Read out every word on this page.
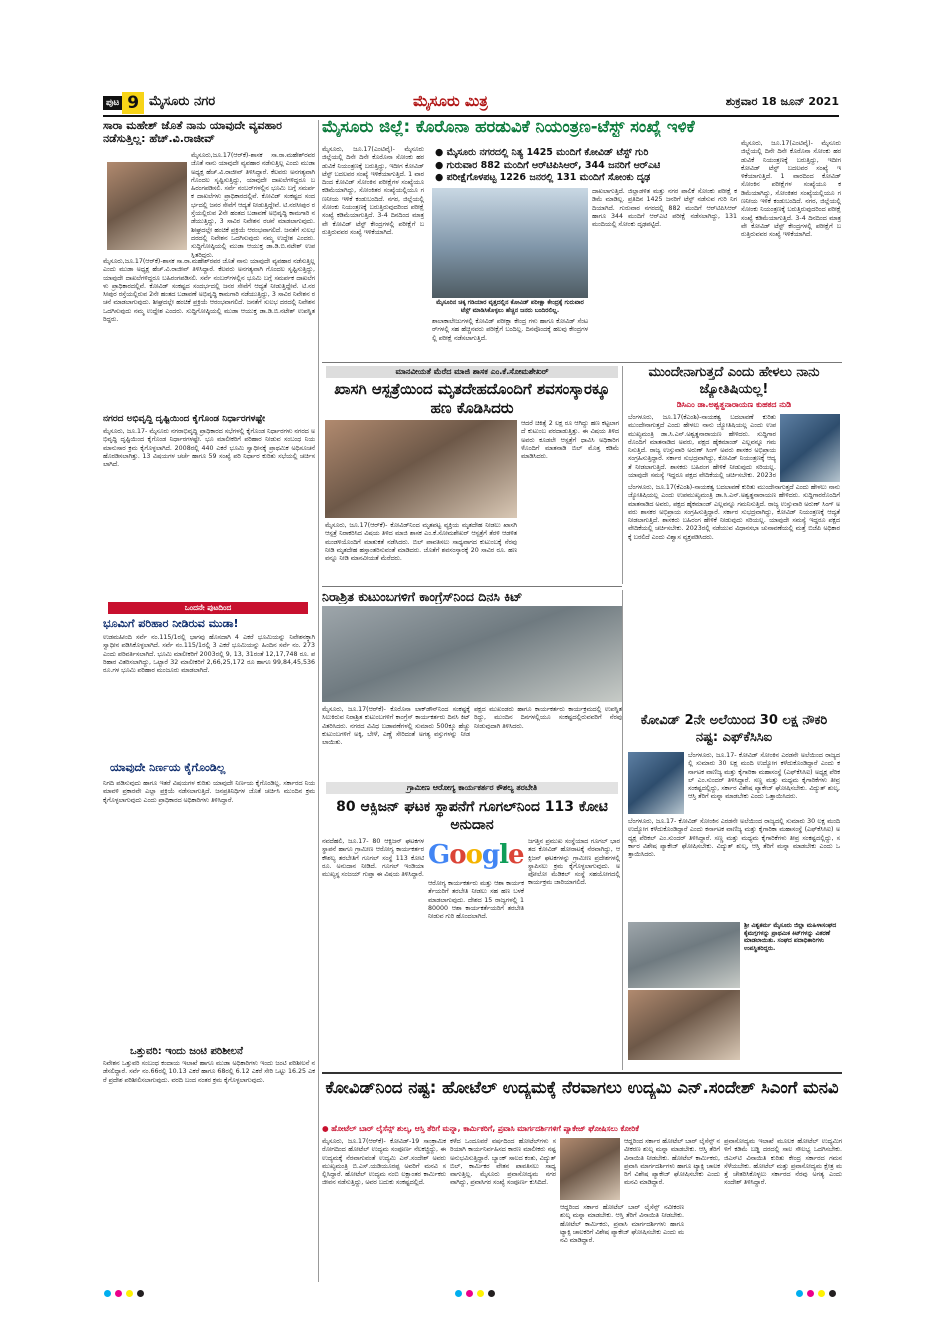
ಪುಟ 9 ಮೈಸೂರು ನಗರ	ಮೈಸೂರು ಮಿತ್ರ	ಶುಕ್ರವಾರ 18 ಜೂನ್ 2021
ಸಾರಾ ಮಹೇಶ್ ಜೊತೆ ನಾನು ಯಾವುದೇ ವ್ಯವಹಾರ ನಡೆಸುತ್ತಿಲ್ಲ: ಹೆಚ್.ವಿ.ರಾಜೀವ್
ಮೈಸೂರು,ಜೂ.17(ಆರ್‌ಕೆ)-ಶಾಸಕ ಸಾ.ರಾ.ಮಹೇಶ್‌ರವರ ಜೊತೆ ನಾನು ಯಾವುದೇ ವ್ಯವಹಾರ ನಡೆಸುತ್ತಿಲ್ಲ ಎಂದು ಮುಡಾ ಅಧ್ಯಕ್ಷ ಹೆಚ್.ವಿ.ರಾಜೀವ್ ತಿಳಿಸಿದ್ದಾರೆ. ಕೆಲವರು ಅನಗತ್ಯವಾಗಿ ಗೊಂದಲ ಸೃಷ್ಟಿಸುತ್ತಿದ್ದು, ಯಾವುದೇ ದಾಖಲೆಗಳಿದ್ದರೂ ಬಹಿರಂಗಪಡಿಸಲಿ. ಸರ್ವೆ ನಂಬರ್‌ಗಳಲ್ಲಿನ ಭೂಮಿ ಬಗ್ಗೆ ಸಮರ್ಪಕ ದಾಖಲೆಗಳು ಪ್ರಾಧಿಕಾರದಲ್ಲಿವೆ. ಕೋವಿಡ್ ಸಂಕಷ್ಟದ ಸಂದರ್ಭದಲ್ಲಿ ಜನರ ಸೇವೆಗೆ ಆದ್ಯತೆ ನೀಡುತ್ತಿದ್ದೇವೆ. ಟಿ.ನರಸೀಪುರ ರಸ್ತೆಯಲ್ಲಿರುವ 2ನೇ ಹಂತದ ಬಡಾವಣೆ ಅಭಿವೃದ್ಧಿ ಕಾಮಗಾರಿ ನಡೆಯುತ್ತಿದ್ದು, 3 ಸಾವಿರ ನಿವೇಶನ ರಚನೆ ಮಾಡಲಾಗುವುದು. ಶೀಘ್ರದಲ್ಲೇ ಹಂಚಿಕೆ ಪ್ರಕ್ರಿಯೆ ಆರಂಭವಾಗಲಿದೆ. ಜನತೆಗೆ ಸುಲಭ ದರದಲ್ಲಿ ನಿವೇಶನ ಒದಗಿಸುವುದು ನಮ್ಮ ಉದ್ದೇಶ ಎಂದರು. ಸುದ್ದಿಗೋಷ್ಠಿಯಲ್ಲಿ ಮುಡಾ ಆಯುಕ್ತ ಡಾ.ಡಿ.ಬಿ.ನಟೇಶ್ ಉಪಸ್ಥಿತರಿದ್ದರು.
ಮೈಸೂರು,ಜೂ.17(ಆರ್‌ಕೆ)-ಶಾಸಕ ಸಾ.ರಾ.ಮಹೇಶ್‌ರವರ ಜೊತೆ ನಾನು ಯಾವುದೇ ವ್ಯವಹಾರ ನಡೆಸುತ್ತಿಲ್ಲ ಎಂದು ಮುಡಾ ಅಧ್ಯಕ್ಷ ಹೆಚ್.ವಿ.ರಾಜೀವ್ ತಿಳಿಸಿದ್ದಾರೆ. ಕೆಲವರು ಅನಗತ್ಯವಾಗಿ ಗೊಂದಲ ಸೃಷ್ಟಿಸುತ್ತಿದ್ದು, ಯಾವುದೇ ದಾಖಲೆಗಳಿದ್ದರೂ ಬಹಿರಂಗಪಡಿಸಲಿ. ಸರ್ವೆ ನಂಬರ್‌ಗಳಲ್ಲಿನ ಭೂಮಿ ಬಗ್ಗೆ ಸಮರ್ಪಕ ದಾಖಲೆಗಳು ಪ್ರಾಧಿಕಾರದಲ್ಲಿವೆ. ಕೋವಿಡ್ ಸಂಕಷ್ಟದ ಸಂದರ್ಭದಲ್ಲಿ ಜನರ ಸೇವೆಗೆ ಆದ್ಯತೆ ನೀಡುತ್ತಿದ್ದೇವೆ. ಟಿ.ನರಸೀಪುರ ರಸ್ತೆಯಲ್ಲಿರುವ 2ನೇ ಹಂತದ ಬಡಾವಣೆ ಅಭಿವೃದ್ಧಿ ಕಾಮಗಾರಿ ನಡೆಯುತ್ತಿದ್ದು, 3 ಸಾವಿರ ನಿವೇಶನ ರಚನೆ ಮಾಡಲಾಗುವುದು. ಶೀಘ್ರದಲ್ಲೇ ಹಂಚಿಕೆ ಪ್ರಕ್ರಿಯೆ ಆರಂಭವಾಗಲಿದೆ. ಜನತೆಗೆ ಸುಲಭ ದರದಲ್ಲಿ ನಿವೇಶನ ಒದಗಿಸುವುದು ನಮ್ಮ ಉದ್ದೇಶ ಎಂದರು. ಸುದ್ದಿಗೋಷ್ಠಿಯಲ್ಲಿ ಮುಡಾ ಆಯುಕ್ತ ಡಾ.ಡಿ.ಬಿ.ನಟೇಶ್ ಉಪಸ್ಥಿತರಿದ್ದರು.
ನಗರದ ಅಭಿವೃದ್ಧಿ ದೃಷ್ಟಿಯಿಂದ ಕೈಗೊಂಡ ನಿರ್ಧಾರಗಳಷ್ಟೇ
ಮೈಸೂರು, ಜೂ.17- ಮೈಸೂರು ನಗರಾಭಿವೃದ್ಧಿ ಪ್ರಾಧಿಕಾರದ ಸಭೆಗಳಲ್ಲಿ ಕೈಗೊಂಡ ನಿರ್ಧಾರಗಳು ನಗರದ ಅಭಿವೃದ್ಧಿ ದೃಷ್ಟಿಯಿಂದ ಕೈಗೊಂಡ ನಿರ್ಧಾರಗಳಷ್ಟೇ. ಭೂ ಮಾಲೀಕರಿಗೆ ಪರಿಹಾರ ನೀಡುವ ಸಂಬಂಧ ನಿಯಮಾನುಸಾರ ಕ್ರಮ ಕೈಗೊಳ್ಳಲಾಗಿದೆ. 2008ರಲ್ಲಿ 440 ಎಕರೆ ಭೂಮಿ ಸ್ವಾಧೀನಕ್ಕೆ ಪ್ರಾಥಮಿಕ ಅಧಿಸೂಚನೆ ಹೊರಡಿಸಲಾಗಿತ್ತು. 13 ವಿಷಯಗಳ ಚರ್ಚೆ ಹಾಗೂ 59 ಸಂಖ್ಯೆ ಪರಿ ನಿರ್ಧಾರ ಕುರಿತು ಸಭೆಯಲ್ಲಿ ಚರ್ಚಿಸಲಾಗಿದೆ.
ಒಂದನೇ ಪುಟದಿಂದ
ಭೂಮಿಗೆ ಪರಿಹಾರ ನೀಡಿರುವ ಮುಡಾ!
ಉಡಮಹೀಂದಿ ಸರ್ವೆ ನಂ.115/1ರಲ್ಲಿ ಭಾಗವು ಹೊಸದಾಗಿ 4 ಎಕರೆ ಭೂಮಿಯನ್ನು ನಿವೇಶನಕ್ಕಾಗಿ ಸ್ವಾಧೀನ ಪಡಿಸಿಕೊಳ್ಳಲಾಗಿದೆ. ಸರ್ವೆ ನಂ.115/1ರಲ್ಲಿ 3 ಎಕರೆ ಭೂಮಿಯನ್ನು ಹಿಂದಿನ ಸರ್ವೆ ನಂ. 273 ಎಂದು ಪರಿವರ್ತಿಸಲಾಗಿದೆ. ಭೂಮಿ ಮಾಲೀಕರಿಗೆ 2003ರಲ್ಲಿ 9, 13, 31ರಂತೆ 12,17,748 ರೂ. ಪರಿಹಾರ ವಿತರಿಸಲಾಗಿದ್ದು, ಒಟ್ಟಾರೆ 32 ಮಾಲೀಕರಿಗೆ 2,66,25,172 ರೂ ಹಾಗೂ 99,84,45,536 ರೂ.ಗಳ ಭೂಮಿ ಪರಿಹಾರ ಮಂಜೂರು ಮಾಡಲಾಗಿದೆ.
ಯಾವುದೇ ನಿರ್ಣಯ ಕೈಗೊಂಡಿಲ್ಲ
ನಿಗದಿ ಪಡಿಸುವುದು ಹಾಗೂ ಇತರೆ ವಿಷಯಗಳ ಕುರಿತು ಯಾವುದೇ ನಿರ್ಣಯ ಕೈಗೊಂಡಿಲ್ಲ. ಸರ್ಕಾರದ ನಿಯಮಾವಳಿ ಪ್ರಕಾರವೇ ಎಲ್ಲಾ ಪ್ರಕ್ರಿಯೆ ನಡೆಸಲಾಗುತ್ತಿದೆ. ಜನಪ್ರತಿನಿಧಿಗಳ ಜೊತೆ ಚರ್ಚಿಸಿ ಮುಂದಿನ ಕ್ರಮ ಕೈಗೊಳ್ಳಲಾಗುವುದು ಎಂದು ಪ್ರಾಧಿಕಾರದ ಅಧಿಕಾರಿಗಳು ತಿಳಿಸಿದ್ದಾರೆ.
ಒತ್ತುವರಿ: ಇಂದು ಜಂಟಿ ಪರಿಶೀಲನೆ
ನಿವೇಶನ ಒತ್ತುವರಿ ಸಂಬಂಧ ಕಂದಾಯ ಇಲಾಖೆ ಹಾಗೂ ಮುಡಾ ಅಧಿಕಾರಿಗಳು ಇಂದು ಜಂಟಿ ಪರಿಶೀಲನೆ ನಡೆಸಲಿದ್ದಾರೆ. ಸರ್ವೆ ನಂ.66ರಲ್ಲಿ 10.13 ಎಕರೆ ಹಾಗೂ 68ರಲ್ಲಿ 6.12 ಎಕರೆ ಸೇರಿ ಒಟ್ಟು 16.25 ಎಕರೆ ಪ್ರದೇಶ ಪರಿಶೀಲಿಸಲಾಗುವುದು. ವರದಿ ಬಂದ ನಂತರ ಕ್ರಮ ಕೈಗೊಳ್ಳಲಾಗುವುದು.
ಮೈಸೂರು ಜಿಲ್ಲೆ: ಕೊರೊನಾ ಹರಡುವಿಕೆ ನಿಯಂತ್ರಣ-ಟೆಸ್ಟ್ ಸಂಖ್ಯೆ ಇಳಿಕೆ
ಮೈಸೂರು, ಜೂ.17(ಎಂಟಿವೈ)- ಮೈಸೂರು ಜಿಲ್ಲೆಯಲ್ಲಿ ದಿನೇ ದಿನೇ ಕೊರೊನಾ ಸೋಂಕು ಹರಡುವಿಕೆ ನಿಯಂತ್ರಣಕ್ಕೆ ಬರುತ್ತಿದ್ದು, ಇದೀಗ ಕೋವಿಡ್ ಟೆಸ್ಟ್ ಬದಲವರ ಸಂಖ್ಯೆ ಇಳಿಕೆಯಾಗುತ್ತಿದೆ. 1 ವಾರದಿಂದ ಕೋವಿಡ್ ಸೋಂಕಿನ ಪರೀಕ್ಷೆಗಳ ಸಂಖ್ಯೆಯೂ ಕಡಿಮೆಯಾಗಿದ್ದು, ಸೋಂಕಿತರ ಸಂಖ್ಯೆಯಲ್ಲಿಯೂ ಗಣನೀಯ ಇಳಿಕೆ ಕಂಡುಬಂದಿದೆ. ನಗರ, ಜಿಲ್ಲೆಯಲ್ಲಿ ಸೋಂಕು ನಿಯಂತ್ರಣಕ್ಕೆ ಬರುತ್ತಿರುವುದರಿಂದ ಪರೀಕ್ಷೆ ಸಂಖ್ಯೆ ಕಡಿಮೆಯಾಗುತ್ತಿದೆ. 3-4 ದಿನದಿಂದ ಮಾತ್ರವೇ ಕೋವಿಡ್ ಟೆಸ್ಟ್ ಕೇಂದ್ರಗಳಲ್ಲಿ ಪರೀಕ್ಷೆಗೆ ಬರುತ್ತಿರುವವರ ಸಂಖ್ಯೆ ಇಳಿಕೆಯಾಗಿದೆ.
● ಮೈಸೂರು ನಗರದಲ್ಲಿ ನಿತ್ಯ 1425 ಮಂದಿಗೆ ಕೋವಿಡ್ ಟೆಸ್ಟ್ ಗುರಿ
● ಗುರುವಾರ 882 ಮಂದಿಗೆ ಆರ್‌ಟಿಪಿಸಿಆರ್, 344 ಜನರಿಗೆ ಆರ್‌ಎಟಿ
● ಪರೀಕ್ಷೆಗೊಳಪಟ್ಟ 1226 ಜನರಲ್ಲಿ 131 ಮಂದಿಗೆ ಸೋಂಕು ದೃಢ
ಮೈಸೂರಿನ ಚಿಕ್ಕ ಗಡಿಯಾರ ವೃತ್ತದಲ್ಲಿನ ಕೋವಿಡ್ ಪರೀಕ್ಷಾ ಕೇಂದ್ರಕ್ಕೆ ಗುರುವಾರ ಟೆಸ್ಟ್ ಮಾಡಿಸಿಕೊಳ್ಳಲು ಹೆಚ್ಚಿನ ಜನರು ಬಂದಿರಲಿಲ್ಲ.
ಶಾಲಾಕಾಲೇಜುಗಳಲ್ಲಿ ಕೋವಿಡ್ ಪರೀಕ್ಷಾ ಕೇಂದ್ರ ಗಳು ಹಾಗೂ ಕೋವಿಡ್ ಸೆಂಟರ್‌ಗಳಲ್ಲಿ ಸಹ ಹೆಚ್ಚಿನವರು ಪರೀಕ್ಷೆಗೆ ಬಂದಿಲ್ಲ. ದಿನವೊಂದಕ್ಕೆ ಹಲವು ಕೇಂದ್ರಗಳಲ್ಲಿ ಪರೀಕ್ಷೆ ನಡೆಸಲಾಗುತ್ತಿದೆ.
ದಾಖಲಾಗುತ್ತಿದೆ. ಜಿಲ್ಲಾಡಳಿತ ಮತ್ತು ನಗರ ಪಾಲಿಕೆ ಸೋಂಕು ಪರೀಕ್ಷೆ ಕಡಿಮೆ ಮಾಡಿಲ್ಲ. ಪ್ರತಿದಿನ 1425 ಜನರಿಗೆ ಟೆಸ್ಟ್ ನಡೆಸುವ ಗುರಿ ನಿಗದಿಯಾಗಿದೆ. ಗುರುವಾರ ನಗರದಲ್ಲಿ 882 ಮಂದಿಗೆ ಆರ್‌ಟಿಪಿಸಿಆರ್ ಹಾಗೂ 344 ಮಂದಿಗೆ ಆರ್‌ಎಟಿ ಪರೀಕ್ಷೆ ನಡೆಸಲಾಗಿದ್ದು, 131 ಮಂದಿಯಲ್ಲಿ ಸೋಂಕು ದೃಢಪಟ್ಟಿದೆ.
ಮೈಸೂರು, ಜೂ.17(ಎಂಟಿವೈ)- ಮೈಸೂರು ಜಿಲ್ಲೆಯಲ್ಲಿ ದಿನೇ ದಿನೇ ಕೊರೊನಾ ಸೋಂಕು ಹರಡುವಿಕೆ ನಿಯಂತ್ರಣಕ್ಕೆ ಬರುತ್ತಿದ್ದು, ಇದೀಗ ಕೋವಿಡ್ ಟೆಸ್ಟ್ ಬದಲವರ ಸಂಖ್ಯೆ ಇಳಿಕೆಯಾಗುತ್ತಿದೆ. 1 ವಾರದಿಂದ ಕೋವಿಡ್ ಸೋಂಕಿನ ಪರೀಕ್ಷೆಗಳ ಸಂಖ್ಯೆಯೂ ಕಡಿಮೆಯಾಗಿದ್ದು, ಸೋಂಕಿತರ ಸಂಖ್ಯೆಯಲ್ಲಿಯೂ ಗಣನೀಯ ಇಳಿಕೆ ಕಂಡುಬಂದಿದೆ. ನಗರ, ಜಿಲ್ಲೆಯಲ್ಲಿ ಸೋಂಕು ನಿಯಂತ್ರಣಕ್ಕೆ ಬರುತ್ತಿರುವುದರಿಂದ ಪರೀಕ್ಷೆ ಸಂಖ್ಯೆ ಕಡಿಮೆಯಾಗುತ್ತಿದೆ. 3-4 ದಿನದಿಂದ ಮಾತ್ರವೇ ಕೋವಿಡ್ ಟೆಸ್ಟ್ ಕೇಂದ್ರಗಳಲ್ಲಿ ಪರೀಕ್ಷೆಗೆ ಬರುತ್ತಿರುವವರ ಸಂಖ್ಯೆ ಇಳಿಕೆಯಾಗಿದೆ.
ಮಾನವೀಯತೆ ಮೆರೆದ ಮಾಜಿ ಶಾಸಕ ಎಂ.ಕೆ.ಸೋಮಶೇಖರ್
ಖಾಸಗಿ ಆಸ್ಪತ್ರೆಯಿಂದ ಮೃತದೇಹದೊಂದಿಗೆ ಶವಸಂಸ್ಕಾರಕ್ಕೂ ಹಣ ಕೊಡಿಸಿದರು
ಆದರೆ ಚಿಕಿತ್ಸೆ 2 ಲಕ್ಷ ರೂ ಆಗಿದ್ದು ಹಣ ಕಟ್ಟಲಾಗದೆ ಕುಟುಂಬ ಪರದಾಡುತ್ತಿತ್ತು. ಈ ವಿಷಯ ತಿಳಿದ ಅವರು ಕೂಡಲೇ ಆಸ್ಪತ್ರೆಗೆ ಧಾವಿಸಿ ಅಧಿಕಾರಿಗಳೊಂದಿಗೆ ಮಾತನಾಡಿ ಬಿಲ್ ಮೊತ್ತ ಕಡಿಮೆ ಮಾಡಿಸಿದರು.
ಮೈಸೂರು, ಜೂ.17(ಆರ್‌ಕೆ)- ಕೋವಿಡ್‌ನಿಂದ ಮೃತಪಟ್ಟ ವ್ಯಕ್ತಿಯ ಮೃತದೇಹ ನೀಡಲು ಖಾಸಗಿ ಆಸ್ಪತ್ರೆ ನಿರಾಕರಿಸಿದ ವಿಷಯ ತಿಳಿದ ಮಾಜಿ ಶಾಸಕ ಎಂ.ಕೆ.ಸೋಮಶೇಖರ್ ಆಸ್ಪತ್ರೆಗೆ ತೆರಳಿ ಆಡಳಿತ ಮಂಡಳಿಯೊಂದಿಗೆ ಮಾತುಕತೆ ನಡೆಸಿದರು. ಬಿಲ್ ಪಾವತಿಸಲು ಸಾಧ್ಯವಾಗದ ಕುಟುಂಬಕ್ಕೆ ನೆರವು ನೀಡಿ ಮೃತದೇಹ ಹಸ್ತಾಂತರಿಸುವಂತೆ ಮಾಡಿದರು. ಜೊತೆಗೆ ಶವಸಂಸ್ಕಾರಕ್ಕೆ 20 ಸಾವಿರ ರೂ. ಹಣವನ್ನೂ ನೀಡಿ ಮಾನವೀಯತೆ ಮೆರೆದರು.
ಮುಂದೇನಾಗುತ್ತದೆ ಎಂದು ಹೇಳಲು ನಾನು ಜ್ಯೋತಿಷಿಯಲ್ಲ!
ಡಿಸಿಎಂ ಡಾ.ಅಶ್ವತ್ಥನಾರಾಯಣ ಕುಹಕದ ನುಡಿ
ಬೆಂಗಳೂರು, ಜೂ.17(ಕೆಎಂಶಿ)-ನಾಯಕತ್ವ ಬದಲಾವಣೆ ಕುರಿತು ಮುಂದೇನಾಗುತ್ತದೆ ಎಂದು ಹೇಳಲು ನಾನು ಜ್ಯೋತಿಷಿಯಲ್ಲ ಎಂದು ಉಪಮುಖ್ಯಮಂತ್ರಿ ಡಾ.ಸಿ.ಎನ್.ಅಶ್ವತ್ಥನಾರಾಯಣ ಹೇಳಿದರು. ಸುದ್ದಿಗಾರರೊಂದಿಗೆ ಮಾತನಾಡಿದ ಅವರು, ಪಕ್ಷದ ಹೈಕಮಾಂಡ್ ಎಲ್ಲವನ್ನೂ ಗಮನಿಸುತ್ತಿದೆ. ರಾಜ್ಯ ಉಸ್ತುವಾರಿ ಅರುಣ್ ಸಿಂಗ್ ಅವರು ಶಾಸಕರ ಅಭಿಪ್ರಾಯ ಸಂಗ್ರಹಿಸುತ್ತಿದ್ದಾರೆ. ಸರ್ಕಾರ ಸುಭದ್ರವಾಗಿದ್ದು, ಕೋವಿಡ್ ನಿಯಂತ್ರಣಕ್ಕೆ ಆದ್ಯತೆ ನೀಡಲಾಗುತ್ತಿದೆ. ಶಾಸಕರು ಬಹಿರಂಗ ಹೇಳಿಕೆ ನೀಡುವುದು ಸರಿಯಲ್ಲ. ಯಾವುದೇ ಸಮಸ್ಯೆ ಇದ್ದರೂ ಪಕ್ಷದ ವೇದಿಕೆಯಲ್ಲಿ ಚರ್ಚಿಸಬೇಕು. 2023ರ
ಬೆಂಗಳೂರು, ಜೂ.17(ಕೆಎಂಶಿ)-ನಾಯಕತ್ವ ಬದಲಾವಣೆ ಕುರಿತು ಮುಂದೇನಾಗುತ್ತದೆ ಎಂದು ಹೇಳಲು ನಾನು ಜ್ಯೋತಿಷಿಯಲ್ಲ ಎಂದು ಉಪಮುಖ್ಯಮಂತ್ರಿ ಡಾ.ಸಿ.ಎನ್.ಅಶ್ವತ್ಥನಾರಾಯಣ ಹೇಳಿದರು. ಸುದ್ದಿಗಾರರೊಂದಿಗೆ ಮಾತನಾಡಿದ ಅವರು, ಪಕ್ಷದ ಹೈಕಮಾಂಡ್ ಎಲ್ಲವನ್ನೂ ಗಮನಿಸುತ್ತಿದೆ. ರಾಜ್ಯ ಉಸ್ತುವಾರಿ ಅರುಣ್ ಸಿಂಗ್ ಅವರು ಶಾಸಕರ ಅಭಿಪ್ರಾಯ ಸಂಗ್ರಹಿಸುತ್ತಿದ್ದಾರೆ. ಸರ್ಕಾರ ಸುಭದ್ರವಾಗಿದ್ದು, ಕೋವಿಡ್ ನಿಯಂತ್ರಣಕ್ಕೆ ಆದ್ಯತೆ ನೀಡಲಾಗುತ್ತಿದೆ. ಶಾಸಕರು ಬಹಿರಂಗ ಹೇಳಿಕೆ ನೀಡುವುದು ಸರಿಯಲ್ಲ. ಯಾವುದೇ ಸಮಸ್ಯೆ ಇದ್ದರೂ ಪಕ್ಷದ ವೇದಿಕೆಯಲ್ಲಿ ಚರ್ಚಿಸಬೇಕು. 2023ರಲ್ಲಿ ನಡೆಯುವ ವಿಧಾನಸಭಾ ಚುನಾವಣೆಯಲ್ಲಿ ಮತ್ತೆ ಬಿಜೆಪಿ ಅಧಿಕಾರಕ್ಕೆ ಬರಲಿದೆ ಎಂದು ವಿಶ್ವಾಸ ವ್ಯಕ್ತಪಡಿಸಿದರು.
ನಿರಾಶ್ರಿತ ಕುಟುಂಬಗಳಿಗೆ ಕಾಂಗ್ರೆಸ್‌ನಿಂದ ದಿನಸಿ ಕಿಟ್
ಮೈಸೂರು, ಜೂ.17(ಆರ್‌ಕೆ)- ಕೊರೊನಾ ಲಾಕ್‌ಡೌನ್‌ನಿಂದ ಸಂಕಷ್ಟಕ್ಕೆ ಸಿಲುಕಿರುವ ನಿರಾಶ್ರಿತ ಕುಟುಂಬಗಳಿಗೆ ಕಾಂಗ್ರೆಸ್ ಕಾರ್ಯಕರ್ತರು ದಿನಸಿ ಕಿಟ್ ವಿತರಿಸಿದರು. ನಗರದ ವಿವಿಧ ಬಡಾವಣೆಗಳಲ್ಲಿ ಸುಮಾರು 500ಕ್ಕೂ ಹೆಚ್ಚು ಕುಟುಂಬಗಳಿಗೆ ಅಕ್ಕಿ, ಬೇಳೆ, ಎಣ್ಣೆ ಸೇರಿದಂತೆ ಅಗತ್ಯ ವಸ್ತುಗಳನ್ನು ನೀಡಲಾಯಿತು.
ಪಕ್ಷದ ಮುಖಂಡರು ಹಾಗೂ ಕಾರ್ಯಕರ್ತರು ಕಾರ್ಯಕ್ರಮದಲ್ಲಿ ಉಪಸ್ಥಿತರಿದ್ದು, ಮುಂದಿನ ದಿನಗಳಲ್ಲಿಯೂ ಸಂಕಷ್ಟದಲ್ಲಿರುವವರಿಗೆ ನೆರವು ನೀಡುವುದಾಗಿ ತಿಳಿಸಿದರು.	ಕೋವಿಡ್ 2ನೇ ಅಲೆಯಿಂದ 30 ಲಕ್ಷ ನೌಕರಿ ನಷ್ಟ: ಎಫ್‌ಕೆಸಿಸಿಐ
ಬೆಂಗಳೂರು, ಜೂ.17- ಕೋವಿಡ್ ಸೋಂಕಿನ ಎರಡನೇ ಅಲೆಯಿಂದ ರಾಜ್ಯದಲ್ಲಿ ಸುಮಾರು 30 ಲಕ್ಷ ಮಂದಿ ಉದ್ಯೋಗ ಕಳೆದುಕೊಂಡಿದ್ದಾರೆ ಎಂದು ಕರ್ನಾಟಕ ವಾಣಿಜ್ಯ ಮತ್ತು ಕೈಗಾರಿಕಾ ಮಹಾಸಂಸ್ಥೆ (ಎಫ್‌ಕೆಸಿಸಿಐ) ಅಧ್ಯಕ್ಷ ಪೆರಿಕಲ್ ಎಂ.ಸುಂದರ್ ತಿಳಿಸಿದ್ದಾರೆ. ಸಣ್ಣ ಮತ್ತು ಮಧ್ಯಮ ಕೈಗಾರಿಕೆಗಳು ತೀವ್ರ ಸಂಕಷ್ಟದಲ್ಲಿದ್ದು, ಸರ್ಕಾರ ವಿಶೇಷ ಪ್ಯಾಕೇಜ್ ಘೋಷಿಸಬೇಕು. ವಿದ್ಯುತ್ ಶುಲ್ಕ, ಆಸ್ತಿ ತೆರಿಗೆ ಮನ್ನಾ ಮಾಡಬೇಕು ಎಂದು ಒತ್ತಾಯಿಸಿದರು.
ಬೆಂಗಳೂರು, ಜೂ.17- ಕೋವಿಡ್ ಸೋಂಕಿನ ಎರಡನೇ ಅಲೆಯಿಂದ ರಾಜ್ಯದಲ್ಲಿ ಸುಮಾರು 30 ಲಕ್ಷ ಮಂದಿ ಉದ್ಯೋಗ ಕಳೆದುಕೊಂಡಿದ್ದಾರೆ ಎಂದು ಕರ್ನಾಟಕ ವಾಣಿಜ್ಯ ಮತ್ತು ಕೈಗಾರಿಕಾ ಮಹಾಸಂಸ್ಥೆ (ಎಫ್‌ಕೆಸಿಸಿಐ) ಅಧ್ಯಕ್ಷ ಪೆರಿಕಲ್ ಎಂ.ಸುಂದರ್ ತಿಳಿಸಿದ್ದಾರೆ. ಸಣ್ಣ ಮತ್ತು ಮಧ್ಯಮ ಕೈಗಾರಿಕೆಗಳು ತೀವ್ರ ಸಂಕಷ್ಟದಲ್ಲಿದ್ದು, ಸರ್ಕಾರ ವಿಶೇಷ ಪ್ಯಾಕೇಜ್ ಘೋಷಿಸಬೇಕು. ವಿದ್ಯುತ್ ಶುಲ್ಕ, ಆಸ್ತಿ ತೆರಿಗೆ ಮನ್ನಾ ಮಾಡಬೇಕು ಎಂದು ಒತ್ತಾಯಿಸಿದರು.
ಶ್ರೀ ವಿಶ್ವಕರ್ಮ ಮೈಸೂರು ಜಿಲ್ಲಾ ಮಹಿಳಾಸಂಘದ ಕೈಮಗ್ಗಗಳನ್ನು ಪ್ರಾಥಮಿಕ ಕಿಟ್‌ಗಳನ್ನು ವಿತರಣೆ ಮಾಡಲಾಯಿತು. ಸಂಘದ ಪದಾಧಿಕಾರಿಗಳು ಉಪಸ್ಥಿತರಿದ್ದರು.
ಗ್ರಾಮೀಣ ಆರೋಗ್ಯ ಕಾರ್ಯಕರ್ತರ ಕೌಶಲ್ಯ ತರಬೇತಿ
80 ಆಕ್ಸಿಜನ್ ಘಟಕ ಸ್ಥಾಪನೆಗೆ ಗೂಗಲ್‌ನಿಂದ 113 ಕೋಟಿ ಅನುದಾನ
ನವದೆಹಲಿ, ಜೂ.17- 80 ಆಕ್ಸಿಜನ್ ಘಟಕಗಳ ಸ್ಥಾಪನೆ ಹಾಗೂ ಗ್ರಾಮೀಣ ಆರೋಗ್ಯ ಕಾರ್ಯಕರ್ತರ ಕೌಶಲ್ಯ ತರಬೇತಿಗೆ ಗೂಗಲ್ ಸಂಸ್ಥೆ 113 ಕೋಟಿ ರೂ. ಅನುದಾನ ನೀಡಿದೆ. ಗೂಗಲ್ ಇಂಡಿಯಾ ಮುಖ್ಯಸ್ಥ ಸಂಜಯ್ ಗುಪ್ತಾ ಈ ವಿಷಯ ತಿಳಿಸಿದ್ದಾರೆ.
Google
ಆರೋಗ್ಯ ಕಾರ್ಯಕರ್ತರು ಮತ್ತು ಆಶಾ ಕಾರ್ಯಕರ್ತೆಯರಿಗೆ ತರಬೇತಿ ನೀಡಲು ಸಹ ಹಣ ಬಳಕೆ ಮಾಡಲಾಗುವುದು. ದೇಶದ 15 ರಾಜ್ಯಗಳಲ್ಲಿ 180000 ಆಶಾ ಕಾರ್ಯಕರ್ತೆಯರಿಗೆ ತರಬೇತಿ ನೀಡುವ ಗುರಿ ಹೊಂದಲಾಗಿದೆ.
ಜಗತ್ತಿನ ಪ್ರಮುಖ ಸಂಸ್ಥೆಯಾದ ಗೂಗಲ್ ಭಾರತದ ಕೋವಿಡ್ ಹೋರಾಟಕ್ಕೆ ನೆರವಾಗಿದ್ದು, ಆಕ್ಸಿಜನ್ ಘಟಕಗಳನ್ನು ಗ್ರಾಮೀಣ ಪ್ರದೇಶಗಳಲ್ಲಿ ಸ್ಥಾಪಿಸಲು ಕ್ರಮ ಕೈಗೊಳ್ಳಲಾಗುವುದು. ಅಪೋಲೋ ಮೆಡಿಕಲ್ ಸಂಸ್ಥೆ ಸಹಯೋಗದಲ್ಲಿ ಕಾರ್ಯಕ್ರಮ ಜಾರಿಯಾಗಲಿದೆ.
ಕೋವಿಡ್‌ನಿಂದ ನಷ್ಟ: ಹೋಟೆಲ್ ಉದ್ಯಮಕ್ಕೆ ನೆರವಾಗಲು ಉದ್ಯಮಿ ಎನ್.ಸಂದೇಶ್ ಸಿಎಂಗೆ ಮನವಿ
● ಹೋಟೆಲ್ ಬಾರ್ ಲೈಸೆನ್ಸ್ ಶುಲ್ಕ, ಆಸ್ತಿ ತೆರಿಗೆ ಮನ್ನಾ, ಕಾರ್ಮಿಕರಿಗೆ, ಪ್ರವಾಸಿ ಮಾರ್ಗದರ್ಶಿಗಳಿಗೆ ಪ್ಯಾಕೇಜ್ ಘೋಷಿಸಲು ಕೋರಿಕೆ
ಮೈಸೂರು, ಜೂ.17(ಆರ್‌ಕೆ)- ಕೋವಿಡ್-19 ಸಾಂಕ್ರಾಮಿಕ ರೋಗದಿಂದ ಹೋಟೆಲ್ ಉದ್ಯಮ ಸಂಪೂರ್ಣ ನೆಲಕಚ್ಚಿದ್ದು, ಈ ಉದ್ಯಮಕ್ಕೆ ನೆರವಾಗುವಂತೆ ಉದ್ಯಮಿ ಎನ್.ಸಂದೇಶ್ ಅವರು ಮುಖ್ಯಮಂತ್ರಿ ಬಿ.ಎಸ್.ಯಡಿಯೂರಪ್ಪ ಅವರಿಗೆ ಮನವಿ ಸಲ್ಲಿಸಿದ್ದಾರೆ. ಹೋಟೆಲ್ ಉದ್ಯಮ ನಂಬಿ ಲಕ್ಷಾಂತರ ಕಾರ್ಮಿಕರು ಜೀವನ ನಡೆಸುತ್ತಿದ್ದು, ಅವರ ಬದುಕು ಸಂಕಷ್ಟದಲ್ಲಿದೆ.
ಕಳೆದ ಒಂದೂವರೆ ವರ್ಷದಿಂದ ಹೋಟೆಲ್‌ಗಳು ಸರಿಯಾಗಿ ಕಾರ್ಯನಿರ್ವಹಿಸದ ಕಾರಣ ಮಾಲೀಕರು ನಷ್ಟ ಅನುಭವಿಸುತ್ತಿದ್ದಾರೆ. ಬ್ಯಾಂಕ್ ಸಾಲದ ಕಂತು, ವಿದ್ಯುತ್ ಬಿಲ್, ಕಾರ್ಮಿಕರ ವೇತನ ಪಾವತಿಸಲು ಸಾಧ್ಯವಾಗುತ್ತಿಲ್ಲ. ಮೈಸೂರು ಪ್ರವಾಸೋದ್ಯಮ ನಗರವಾಗಿದ್ದು, ಪ್ರವಾಸಿಗರ ಸಂಖ್ಯೆ ಸಂಪೂರ್ಣ ಕುಸಿದಿದೆ.
ಆದ್ದರಿಂದ ಸರ್ಕಾರ ಹೋಟೆಲ್ ಬಾರ್ ಲೈಸೆನ್ಸ್ ನವೀಕರಣ ಶುಲ್ಕ ಮನ್ನಾ ಮಾಡಬೇಕು. ಆಸ್ತಿ ತೆರಿಗೆ ವಿನಾಯಿತಿ ನೀಡಬೇಕು. ಹೋಟೆಲ್ ಕಾರ್ಮಿಕರು, ಪ್ರವಾಸಿ ಮಾರ್ಗದರ್ಶಿಗಳು ಹಾಗೂ ಟ್ಯಾಕ್ಸಿ ಚಾಲಕರಿಗೆ ವಿಶೇಷ ಪ್ಯಾಕೇಜ್ ಘೋಷಿಸಬೇಕು ಎಂದು ಮನವಿ ಮಾಡಿದ್ದಾರೆ.
ಆದ್ದರಿಂದ ಸರ್ಕಾರ ಹೋಟೆಲ್ ಬಾರ್ ಲೈಸೆನ್ಸ್ ನವೀಕರಣ ಶುಲ್ಕ ಮನ್ನಾ ಮಾಡಬೇಕು. ಆಸ್ತಿ ತೆರಿಗೆ ವಿನಾಯಿತಿ ನೀಡಬೇಕು. ಹೋಟೆಲ್ ಕಾರ್ಮಿಕರು, ಪ್ರವಾಸಿ ಮಾರ್ಗದರ್ಶಿಗಳು ಹಾಗೂ ಟ್ಯಾಕ್ಸಿ ಚಾಲಕರಿಗೆ ವಿಶೇಷ ಪ್ಯಾಕೇಜ್ ಘೋಷಿಸಬೇಕು ಎಂದು ಮನವಿ ಮಾಡಿದ್ದಾರೆ.
ಪ್ರವಾಸೋದ್ಯಮ ಇಲಾಖೆ ಮೂಲಕ ಹೋಟೆಲ್ ಉದ್ಯಮಿಗಳಿಗೆ ಕಡಿಮೆ ಬಡ್ಡಿ ದರದಲ್ಲಿ ಸಾಲ ಸೌಲಭ್ಯ ಒದಗಿಸಬೇಕು. ಜಿಎಸ್‌ಟಿ ವಿನಾಯಿತಿ ಕುರಿತು ಕೇಂದ್ರ ಸರ್ಕಾರದ ಗಮನ ಸೆಳೆಯಬೇಕು. ಹೋಟೆಲ್ ಮತ್ತು ಪ್ರವಾಸೋದ್ಯಮ ಕ್ಷೇತ್ರ ಮತ್ತೆ ಚೇತರಿಸಿಕೊಳ್ಳಲು ಸರ್ಕಾರದ ನೆರವು ಅಗತ್ಯ ಎಂದು ಸಂದೇಶ್ ತಿಳಿಸಿದ್ದಾರೆ.
